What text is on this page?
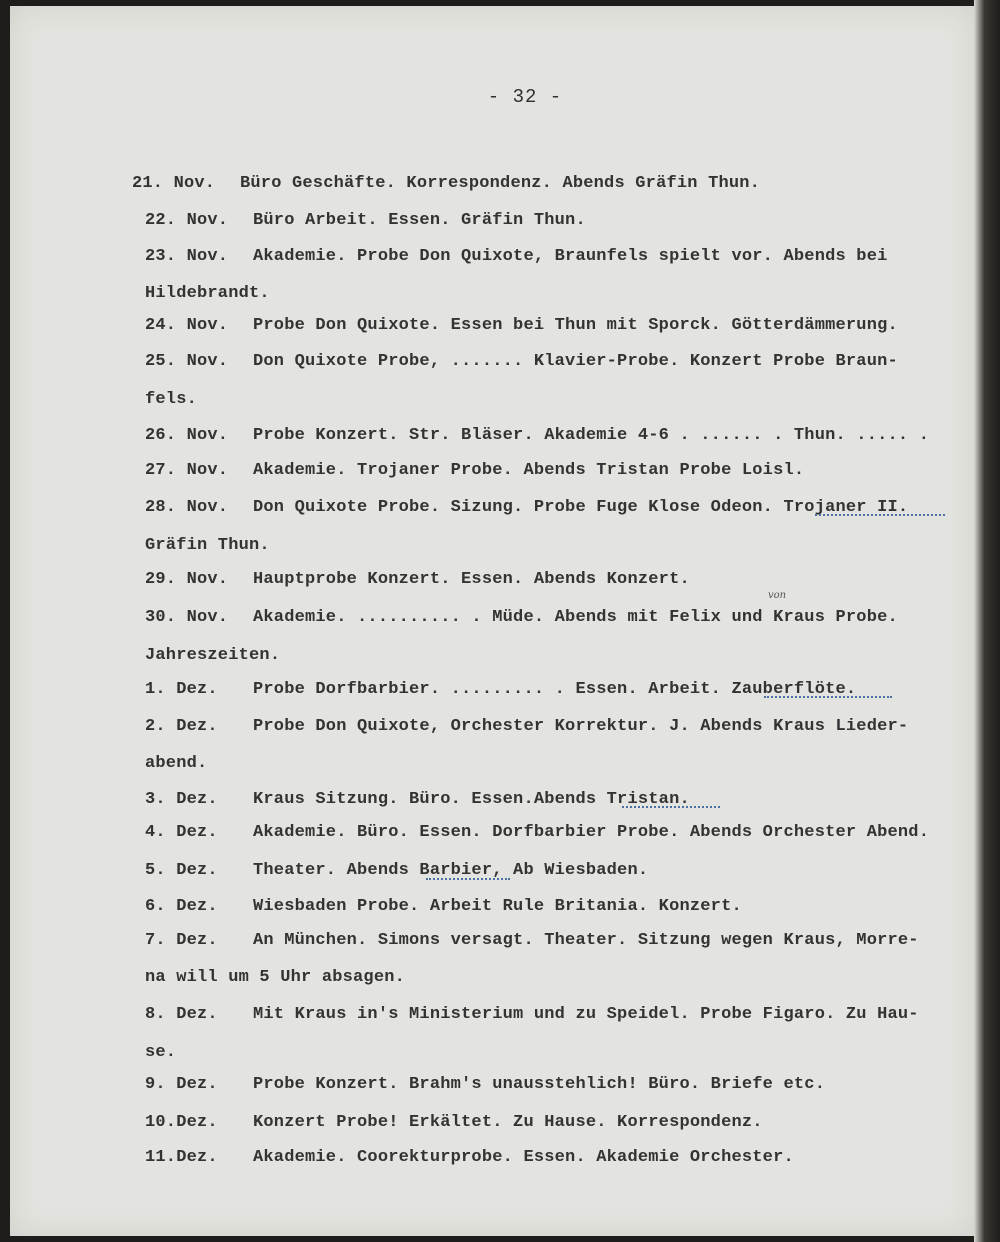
- 32 -
21. Nov. Büro Geschäfte. Korrespondenz. Abends Gräfin Thun.
22. Nov. Büro Arbeit. Essen. Gräfin Thun.
23. Nov. Akademie. Probe Don Quixote, Braunfels spielt vor. Abends bei
Hildebrandt.
24. Nov. Probe Don Quixote. Essen bei Thun mit Sporck. Götterdämmerung.
25. Nov. Don Quixote Probe, ....... Klavier-Probe. Konzert Probe Braun-
fels.
26. Nov. Probe Konzert. Str. Bläser. Akademie 4-6 . ...... . Thun. ..... .
27. Nov. Akademie. Trojaner Probe. Abends Tristan Probe Loisl.
28. Nov. Don Quixote Probe. Sizung. Probe Fuge Klose Odeon. Trojaner II.
Gräfin Thun.
29. Nov. Hauptprobe Konzert. Essen. Abends Konzert.
30. Nov. Akademie. .......... . Müde. Abends mit Felix und Kraus Probe.
Jahreszeiten.
1. Dez. Probe Dorfbarbier. ......... . Essen. Arbeit. Zauberflöte.
2. Dez. Probe Don Quixote, Orchester Korrektur. J. Abends Kraus Lieder-
abend.
3. Dez. Kraus Sitzung. Büro. Essen.Abends Tristan.
4. Dez. Akademie. Büro. Essen. Dorfbarbier Probe. Abends Orchester Abend.
5. Dez. Theater. Abends Barbier, Ab Wiesbaden.
6. Dez. Wiesbaden Probe. Arbeit Rule Britania. Konzert.
7. Dez. An München. Simons versagt. Theater. Sitzung wegen Kraus, Morre-
na will um 5 Uhr absagen.
8. Dez. Mit Kraus in's Ministerium und zu Speidel. Probe Figaro. Zu Hau-
se.
9. Dez. Probe Konzert. Brahm's unausstehlich! Büro. Briefe etc.
10.Dez. Konzert Probe! Erkältet. Zu Hause. Korrespondenz.
11.Dez. Akademie. Coorekturprobe. Essen. Akademie Orchester.
von
